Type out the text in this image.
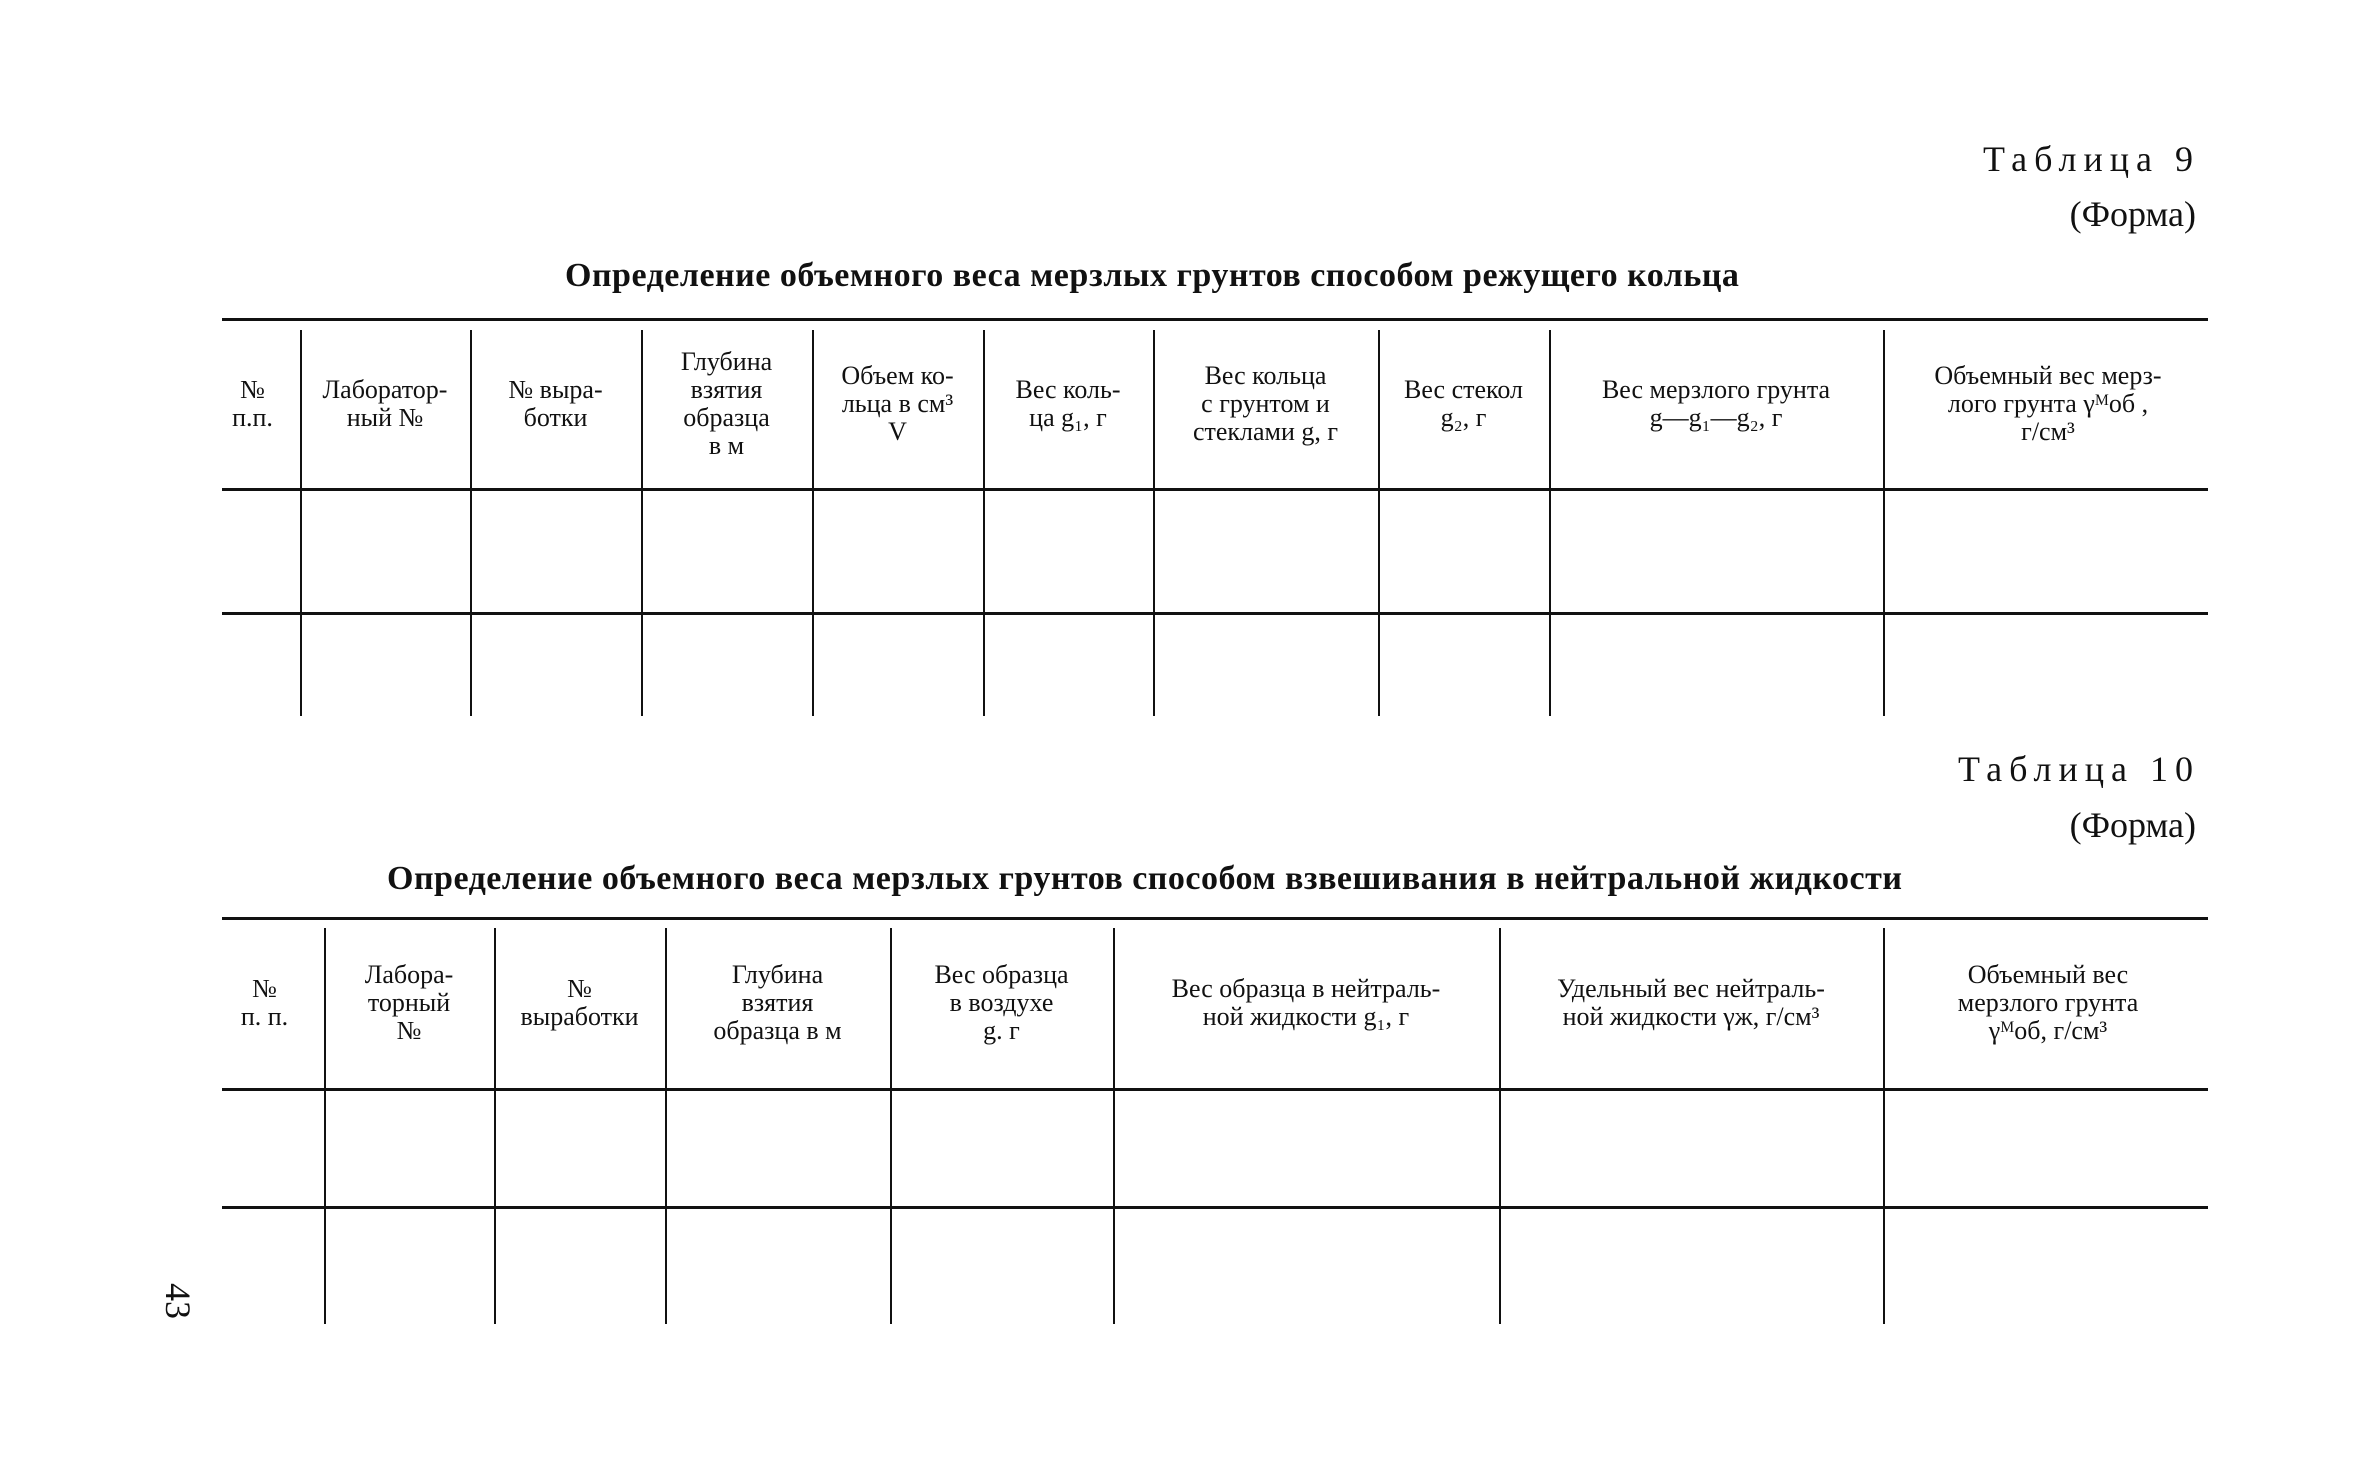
Таблица 9
(Форма)
Определение объемного веса мерзлых грунтов способом режущего кольца
№
п.п.
Лаборатор-
ный №
№ выра-
ботки
Глубина
взятия
образца
в м
Объем ко-
льца в см³
V
Вес коль-
ца g₁, г
Вес кольца
с грунтом и
стеклами g, г
Вес стекол
g₂, г
Вес мерзлого грунта
g—g₁—g₂, г
Объемный вес мерз-
лого грунта γᴹоб ,
г/см³
Таблица 10
(Форма)
Определение объемного веса мерзлых грунтов способом взвешивания в нейтральной жидкости
№
п. п.
Лабора-
торный
№
№
выработки
Глубина
взятия
образца в м
Вес образца
в воздухе
g. г
Вес образца в нейтраль-
ной жидкости g₁, г
Удельный вес нейтраль-
ной жидкости γж, г/см³
Объемный вес
мерзлого грунта
γᴹоб, г/см³
43
